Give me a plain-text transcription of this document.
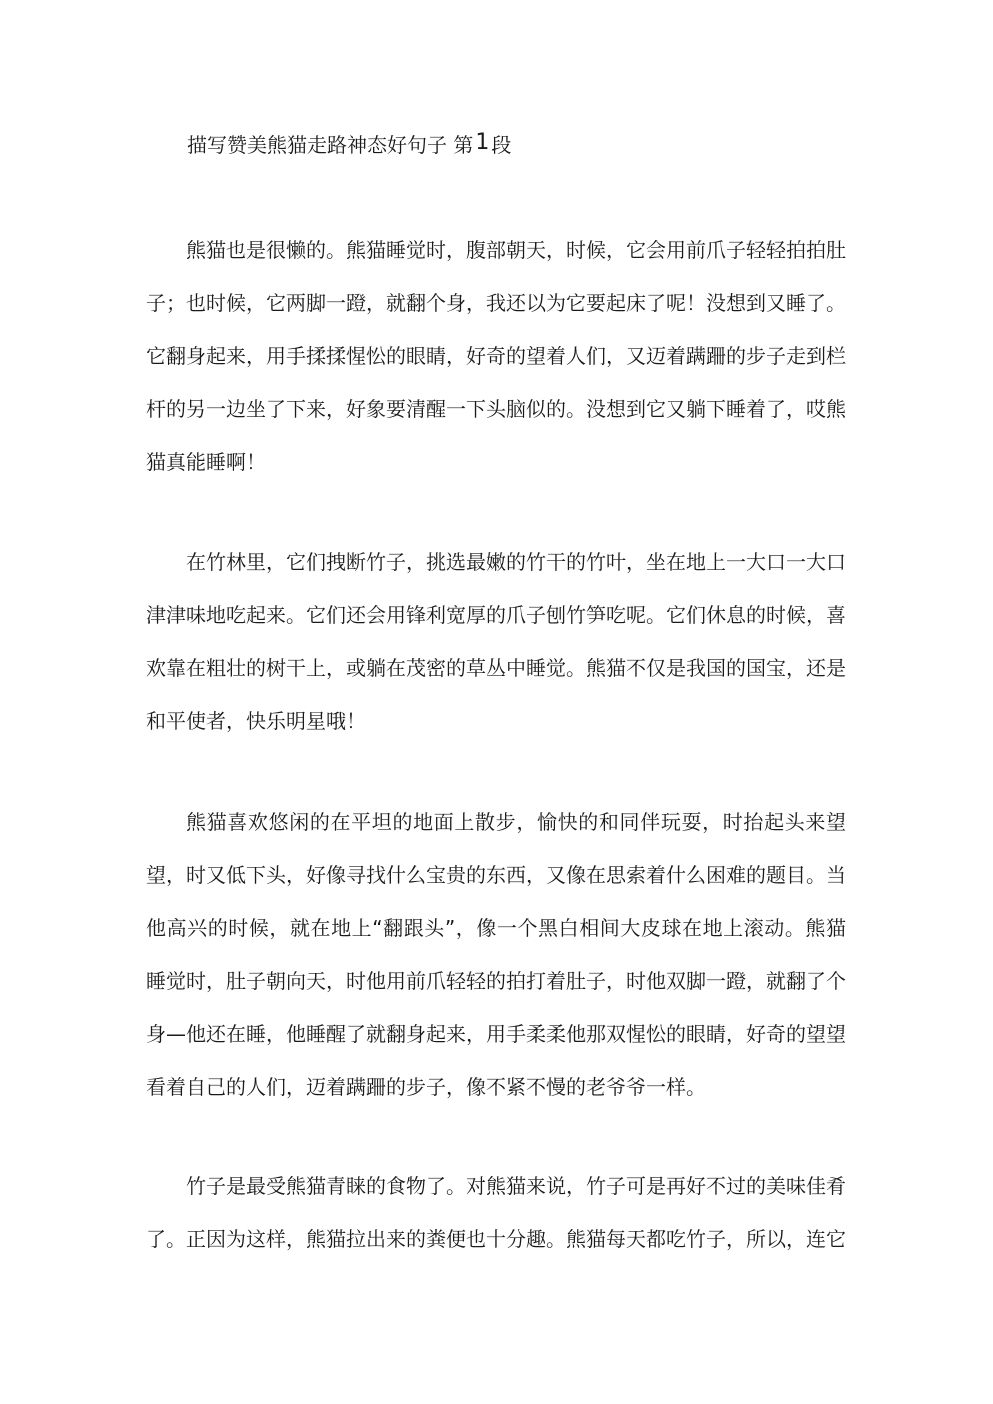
描写赞美熊猫走路神态好句子 第1 段

熊猫也是很懒的。熊猫睡觉时，腹部朝天，时候，它会用前爪子轻轻拍拍肚子；也时候，它两脚一蹬，就翻个身，我还以为它要起床了呢！没想到又睡了。它翻身起来，用手揉揉惺忪的眼睛，好奇的望着人们，又迈着蹒跚的步子走到栏杆的另一边坐了下来，好象要清醒一下头脑似的。没想到它又躺下睡着了，哎熊猫真能睡啊！

在竹林里，它们拽断竹子，挑选最嫩的竹干的竹叶，坐在地上一大口一大口津津味地吃起来。它们还会用锋利宽厚的爪子刨竹笋吃呢。它们休息的时候，喜欢靠在粗壮的树干上，或躺在茂密的草丛中睡觉。熊猫不仅是我国的国宝，还是和平使者，快乐明星哦！

熊猫喜欢悠闲的在平坦的地面上散步，愉快的和同伴玩耍，时抬起头来望望，时又低下头，好像寻找什么宝贵的东西，又像在思索着什么困难的题目。当他高兴的时候，就在地上“翻跟头”，像一个黑白相间大皮球在地上滚动。熊猫睡觉时，肚子朝向天，时他用前爪轻轻的拍打着肚子，时他双脚一蹬，就翻了个身—他还在睡，他睡醒了就翻身起来，用手柔柔他那双惺忪的眼睛，好奇的望望看着自己的人们，迈着蹒跚的步子，像不紧不慢的老爷爷一样。

竹子是最受熊猫青睐的食物了。对熊猫来说，竹子可是再好不过的美味佳肴了。正因为这样，熊猫拉出来的粪便也十分趣。熊猫每天都吃竹子，所以，连它
